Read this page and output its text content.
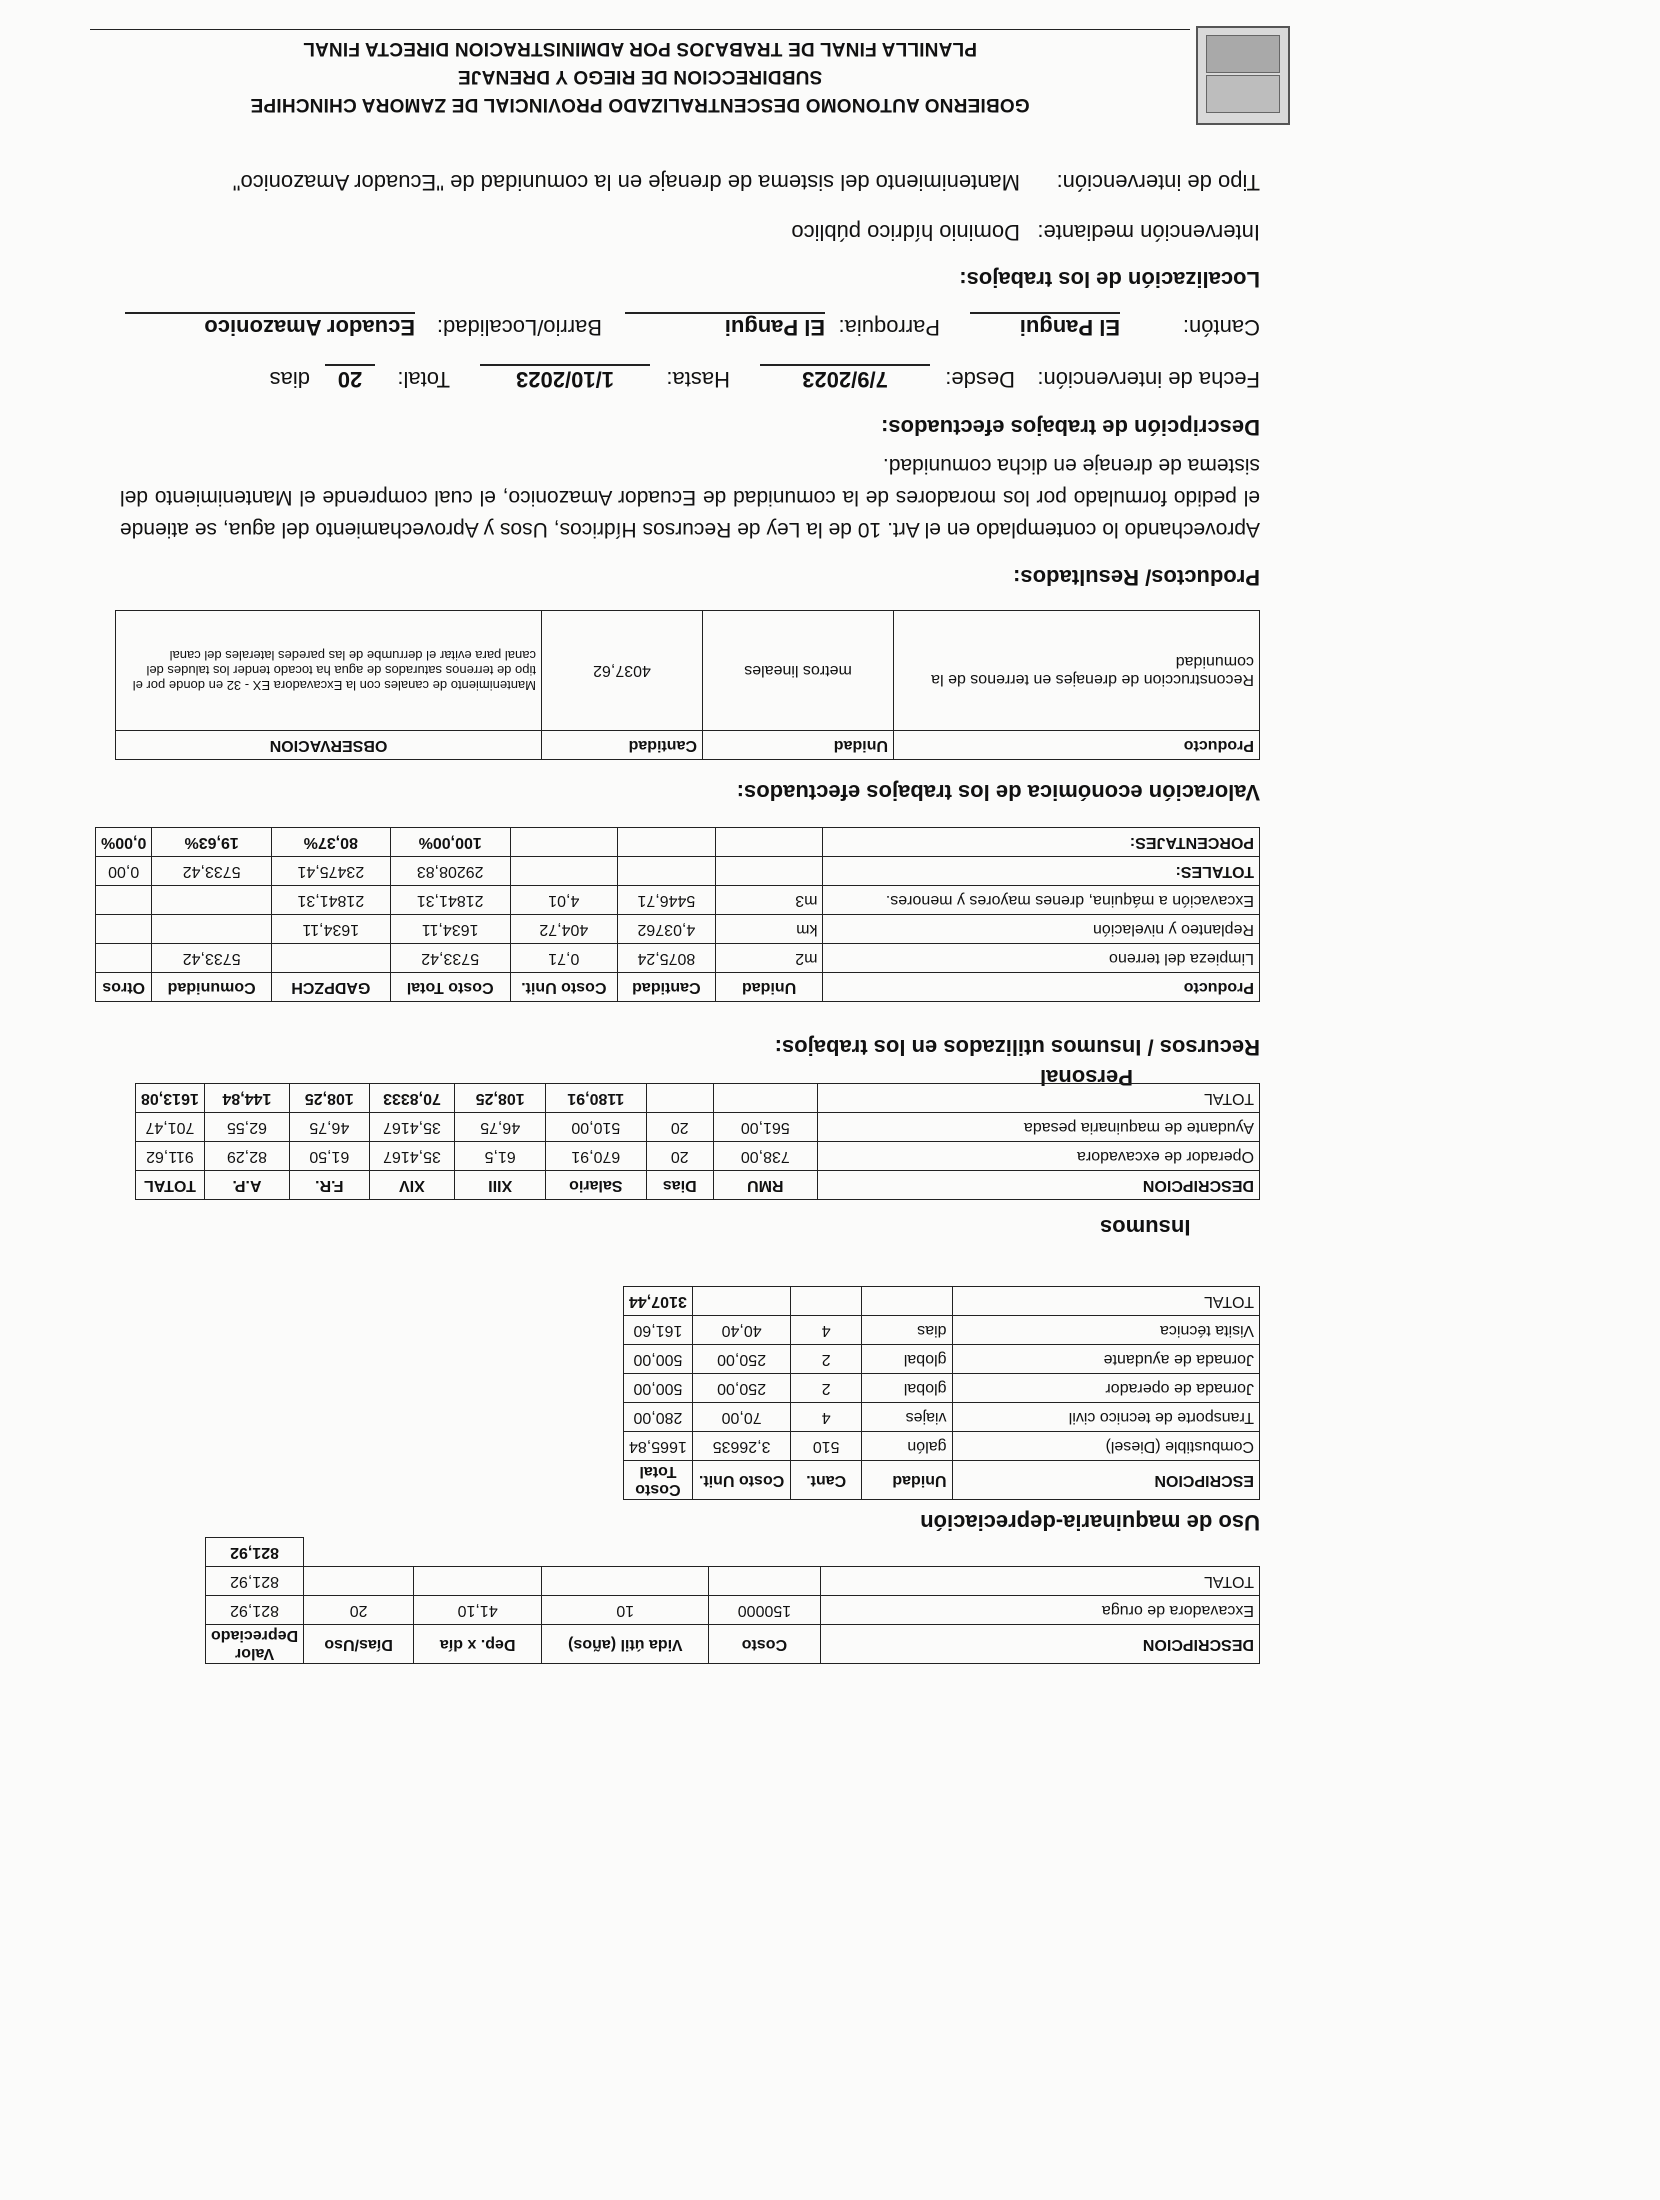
GOBIERNO AUTONOMO DESCENTRALIZADO PROVINCIAL DE ZAMORA CHINCHIPE
SUBDIRECCION DE RIEGO Y DRENAJE
PLANILLA FINAL DE TRABAJOS POR ADMINISTRACION DIRECTA FINAL
Tipo de intervención:
Mantenimiento del sistema de drenaje en la comunidad de "Ecuador Amazonico"
Intervención mediante:
Dominio hídrico público
Localización de los trabajos:
Cantón:
El Pangui
Parroquia:
El Pangui
Barrio/Localidad:
Ecuador Amazonico
Fecha de intervención:
Desde:
7/9/2023
Hasta:
1/10/2023
Total:
20
dias
Descripción de trabajos efectuados:
Aprovechando lo contemplado en el Art. 10 de la Ley de Recursos Hídricos, Usos y Aprovechamiento del agua, se atiende el pedido formulado por los moradores de la comunidad de Ecuador Amazonico, el cual comprende el Mantenimiento del sistema de drenaje en dicha comunidad.
Productos/ Resultados:
Producto	Unidad	Cantidad	OBSERVACION
Reconstruccion de drenajes en terrenos de la comunidad	metros lineales	4037,62	Mantenimiento de canales con la Excavadora EX - 32 en donde por el tipo de terrenos saturados de agua ha tocado tender los taludes del canal para evitar el derrumbe de las paredes laterales del canal
Valoración económica de los trabajos efectuados:
Producto	Unidad	Cantidad	Costo Unit.	Costo Total	GADPZCH	Comunidad	Otros
Limpieza del terreno	m2	8075,24	0,71	5733,42		5733,42	
Replanteo y nivelación	km	4,03762	404,72	1634,11	1634,11		
Excavación a máquina, drenes mayores y menores.	m3	5446,71	4,01	21841,31	21841,31		
TOTALES:				29208,83	23475,41	5733,42	0,00
PORCENTAJES:				100,00%	80,37%	19,63%	0,00%
Recursos / Insumos utilizados en los trabajos:
Personal
DESCRIPCION	RMU	Dias	Salario	XIII	XIV	F.R.	A.P.	TOTAL
Operador de excavadora	738,00	20	670,91	61,5	35,4167	61,50	82,29	911,62
Ayudante de maquinaria pesada	561,00	20	510,00	46,75	35,4167	46,75	62,55	701,47
TOTAL			1180,91	108,25	70,8333	108,25	144,84	1613,08
Insumos
ESCRIPCION	Unidad	Cant.	Costo Unit.	Costo Total
Combustible (Diesel)	galón	510	3,26635	1665,84
Transporte de tecnico civil	viajes	4	70,00	280,00
Jornada de operador	global	2	250,00	500,00
Jornada de ayudante	global	2	250,00	500,00
Visita técnica	dias	4	40,40	161,60
TOTAL				3107,44
Uso de maquinaria-depreciación
DESCRIPCION	Costo	Vida útil (años)	Dep. x día	Días/Uso	Valor Depreciado
Excavadora de oruga	150000	10	41,10	20	821,92
TOTAL					821,92
					821,92
